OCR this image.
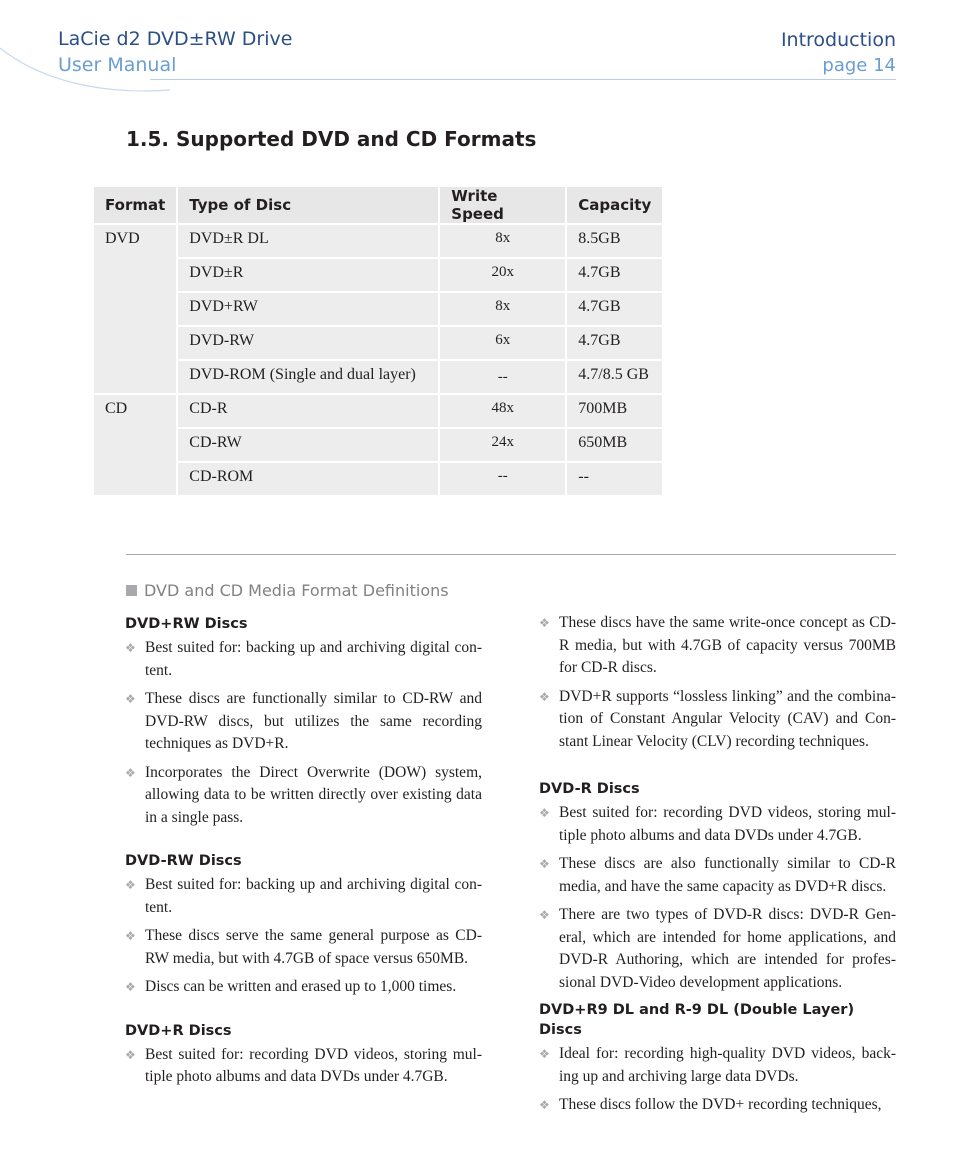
LaCie d2 DVD±RW Drive
User Manual
Introduction
page 14
1.5. Supported DVD and CD Formats
Format	Type of Disc	Write Speed	Capacity
DVD	DVD±R DL	8x	8.5GB
	DVD±R	20x	4.7GB
	DVD+RW	8x	4.7GB
	DVD-RW	6x	4.7GB
	DVD-ROM (Single and dual layer)	--	4.7/8.5 GB
CD	CD-R	48x	700MB
	CD-RW	24x	650MB
	CD-ROM	--	--
DVD and CD Media Format Definitions
DVD+RW Discs
❖ Best suited for: backing up and archiving digital con-tent.
❖ These discs are functionally similar to CD-RW and DVD-RW discs, but utilizes the same recording techniques as DVD+R.
❖ Incorporates the Direct Overwrite (DOW) system, allowing data to be written directly over existing data in a single pass.
DVD-RW Discs
❖ Best suited for: backing up and archiving digital con-tent.
❖ These discs serve the same general purpose as CD-RW media, but with 4.7GB of space versus 650MB.
❖ Discs can be written and erased up to 1,000 times.
DVD+R Discs
❖ Best suited for: recording DVD videos, storing mul-tiple photo albums and data DVDs under 4.7GB.
❖ These discs have the same write-once concept as CD-R media, but with 4.7GB of capacity versus 700MB for CD-R discs.
❖ DVD+R supports “lossless linking” and the combina-tion of Constant Angular Velocity (CAV) and Con-stant Linear Velocity (CLV) recording techniques.
DVD-R Discs
❖ Best suited for: recording DVD videos, storing mul-tiple photo albums and data DVDs under 4.7GB.
❖ These discs are also functionally similar to CD-R media, and have the same capacity as DVD+R discs.
❖ There are two types of DVD-R discs: DVD-R Gen-eral, which are intended for home applications, and DVD-R Authoring, which are intended for profes-sional DVD-Video development applications.
DVD+R9 DL and R-9 DL (Double Layer) Discs
❖ Ideal for: recording high-quality DVD videos, back-ing up and archiving large data DVDs.
❖ These discs follow the DVD+ recording techniques,
